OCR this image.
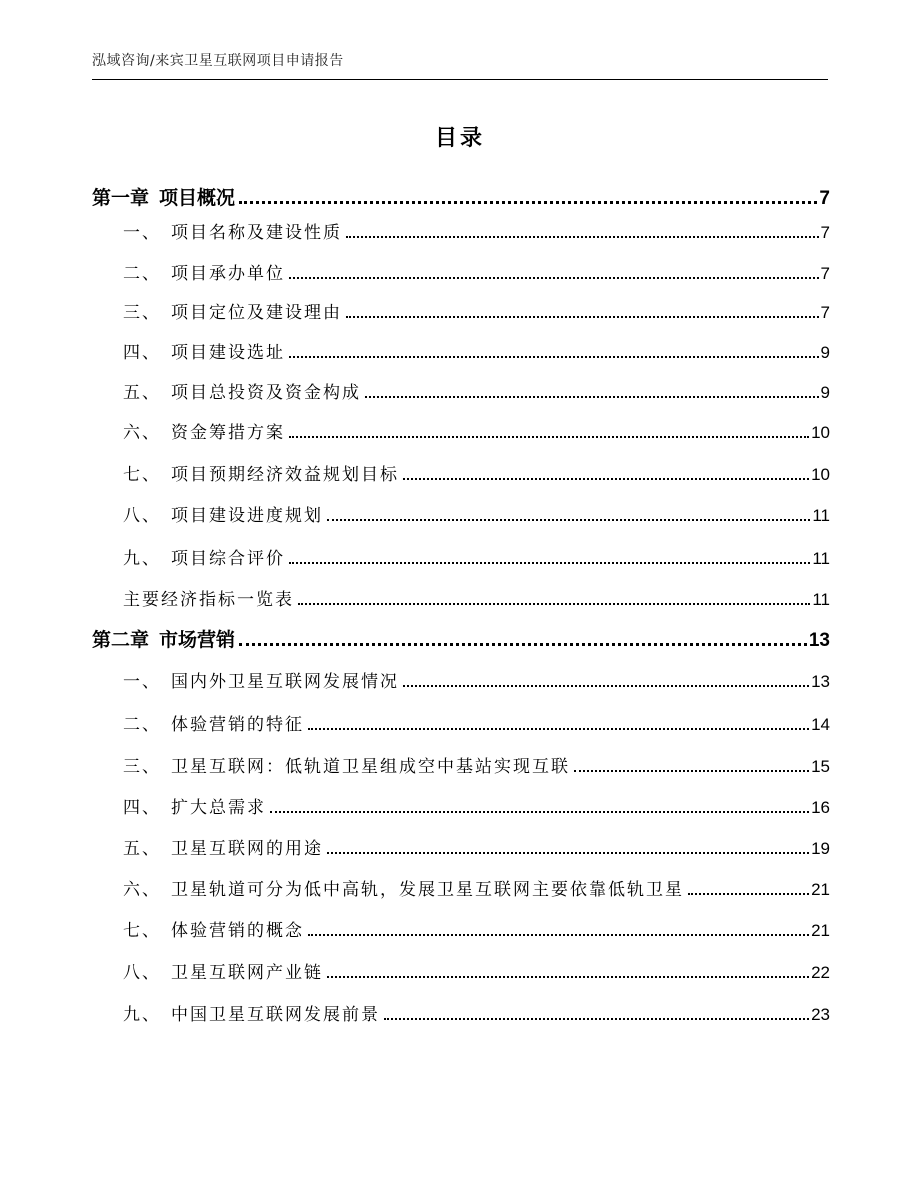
泓域咨询/来宾卫星互联网项目申请报告
目录
第一章 项目概况	7
一、 项目名称及建设性质	7
二、 项目承办单位	7
三、 项目定位及建设理由	7
四、 项目建设选址	9
五、 项目总投资及资金构成	9
六、 资金筹措方案	10
七、 项目预期经济效益规划目标	10
八、 项目建设进度规划	11
九、 项目综合评价	11
主要经济指标一览表	11
第二章 市场营销	13
一、 国内外卫星互联网发展情况	13
二、 体验营销的特征	14
三、 卫星互联网：低轨道卫星组成空中基站实现互联	15
四、 扩大总需求	16
五、 卫星互联网的用途	19
六、 卫星轨道可分为低中高轨，发展卫星互联网主要依靠低轨卫星	21
七、 体验营销的概念	21
八、 卫星互联网产业链	22
九、 中国卫星互联网发展前景	23
